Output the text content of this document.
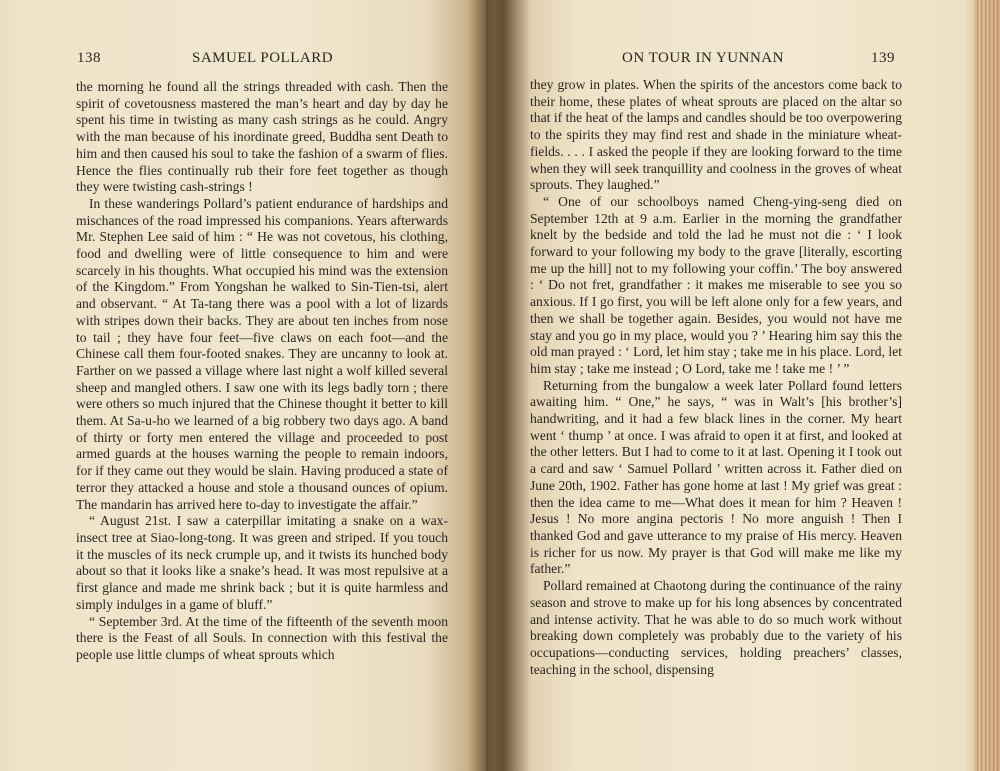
138	SAMUEL POLLARD

the morning he found all the strings threaded with cash. Then the spirit of covetousness mastered the man’s heart and day by day he spent his time in twisting as many cash strings as he could. Angry with the man because of his inordinate greed, Buddha sent Death to him and then caused his soul to take the fashion of a swarm of flies. Hence the flies continually rub their fore feet together as though they were twisting cash-strings !

In these wanderings Pollard’s patient endurance of hardships and mischances of the road impressed his companions. Years afterwards Mr. Stephen Lee said of him : “ He was not covetous, his clothing, food and dwelling were of little consequence to him and were scarcely in his thoughts. What occupied his mind was the extension of the Kingdom.” From Yongshan he walked to Sin-Tien-tsi, alert and observant. “ At Ta-tang there was a pool with a lot of lizards with stripes down their backs. They are about ten inches from nose to tail ; they have four feet—five claws on each foot—and the Chinese call them four-footed snakes. They are uncanny to look at. Farther on we passed a village where last night a wolf killed several sheep and mangled others. I saw one with its legs badly torn ; there were others so much injured that the Chinese thought it better to kill them. At Sa-u-ho we learned of a big robbery two days ago. A band of thirty or forty men entered the village and proceeded to post armed guards at the houses warning the people to remain indoors, for if they came out they would be slain. Having produced a state of terror they attacked a house and stole a thousand ounces of opium. The mandarin has arrived here to-day to investigate the affair.”

“ August 21st. I saw a caterpillar imitating a snake on a wax-insect tree at Siao-long-tong. It was green and striped. If you touch it the muscles of its neck crumple up, and it twists its hunched body about so that it looks like a snake’s head. It was most repulsive at a first glance and made me shrink back ; but it is quite harmless and simply indulges in a game of bluff.”

“ September 3rd. At the time of the fifteenth of the seventh moon there is the Feast of all Souls. In connection with this festival the people use little clumps of wheat sprouts which

ON TOUR IN YUNNAN	139

they grow in plates. When the spirits of the ancestors come back to their home, these plates of wheat sprouts are placed on the altar so that if the heat of the lamps and candles should be too overpowering to the spirits they may find rest and shade in the miniature wheat-fields. . . . I asked the people if they are looking forward to the time when they will seek tranquillity and coolness in the groves of wheat sprouts. They laughed.”

“ One of our schoolboys named Cheng-ying-seng died on September 12th at 9 a.m. Earlier in the morning the grandfather knelt by the bedside and told the lad he must not die : ‘ I look forward to your following my body to the grave [literally, escorting me up the hill] not to my following your coffin.’ The boy answered : ‘ Do not fret, grandfather : it makes me miserable to see you so anxious. If I go first, you will be left alone only for a few years, and then we shall be together again. Besides, you would not have me stay and you go in my place, would you ? ’ Hearing him say this the old man prayed : ‘ Lord, let him stay ; take me in his place. Lord, let him stay ; take me instead ; O Lord, take me ! take me ! ’ ”

Returning from the bungalow a week later Pollard found letters awaiting him. “ One,” he says, “ was in Walt’s [his brother’s] handwriting, and it had a few black lines in the corner. My heart went ‘ thump ’ at once. I was afraid to open it at first, and looked at the other letters. But I had to come to it at last. Opening it I took out a card and saw ‘ Samuel Pollard ’ written across it. Father died on June 20th, 1902. Father has gone home at last ! My grief was great : then the idea came to me—What does it mean for him ? Heaven ! Jesus ! No more angina pectoris ! No more anguish ! Then I thanked God and gave utterance to my praise of His mercy. Heaven is richer for us now. My prayer is that God will make me like my father.”

Pollard remained at Chaotong during the continuance of the rainy season and strove to make up for his long absences by concentrated and intense activity. That he was able to do so much work without breaking down completely was probably due to the variety of his occupations—conducting services, holding preachers’ classes, teaching in the school, dispensing
